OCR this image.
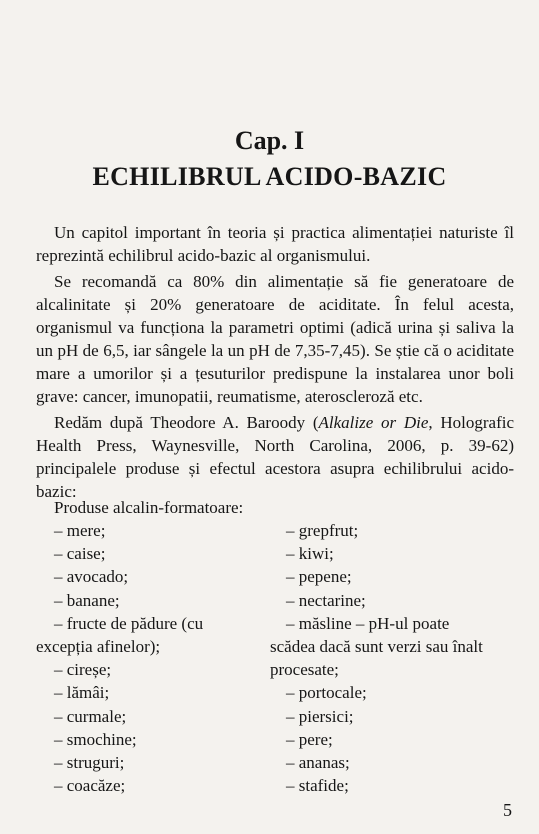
Cap. I
ECHILIBRUL ACIDO-BAZIC

Un capitol important în teoria și practica alimentației naturiste îl reprezintă echilibrul acido-bazic al organismului.

Se recomandă ca 80% din alimentație să fie generatoare de alcalinitate și 20% generatoare de aciditate. În felul acesta, organismul va funcționa la parametri optimi (adică urina și saliva la un pH de 6,5, iar sângele la un pH de 7,35-7,45). Se știe că o aciditate mare a umorilor și a țesuturilor predispune la instalarea unor boli grave: cancer, imunopatii, reumatisme, ateroscleroză etc.

Redăm după Theodore A. Baroody (Alkalize or Die, Holografic Health Press, Waynesville, North Carolina, 2006, p. 39-62) principalele produse și efectul acestora asupra echilibrului acido-bazic:

Produse alcalin-formatoare:
– mere;
– caise;
– avocado;
– banane;
– fructe de pădure (cu
excepția afinelor);
– cireșe;
– lămâi;
– curmale;
– smochine;
– struguri;
– coacăze;
– grepfrut;
– kiwi;
– pepene;
– nectarine;
– măsline – pH-ul poate
scădea dacă sunt verzi sau înalt
procesate;
– portocale;
– piersici;
– pere;
– ananas;
– stafide;
5
